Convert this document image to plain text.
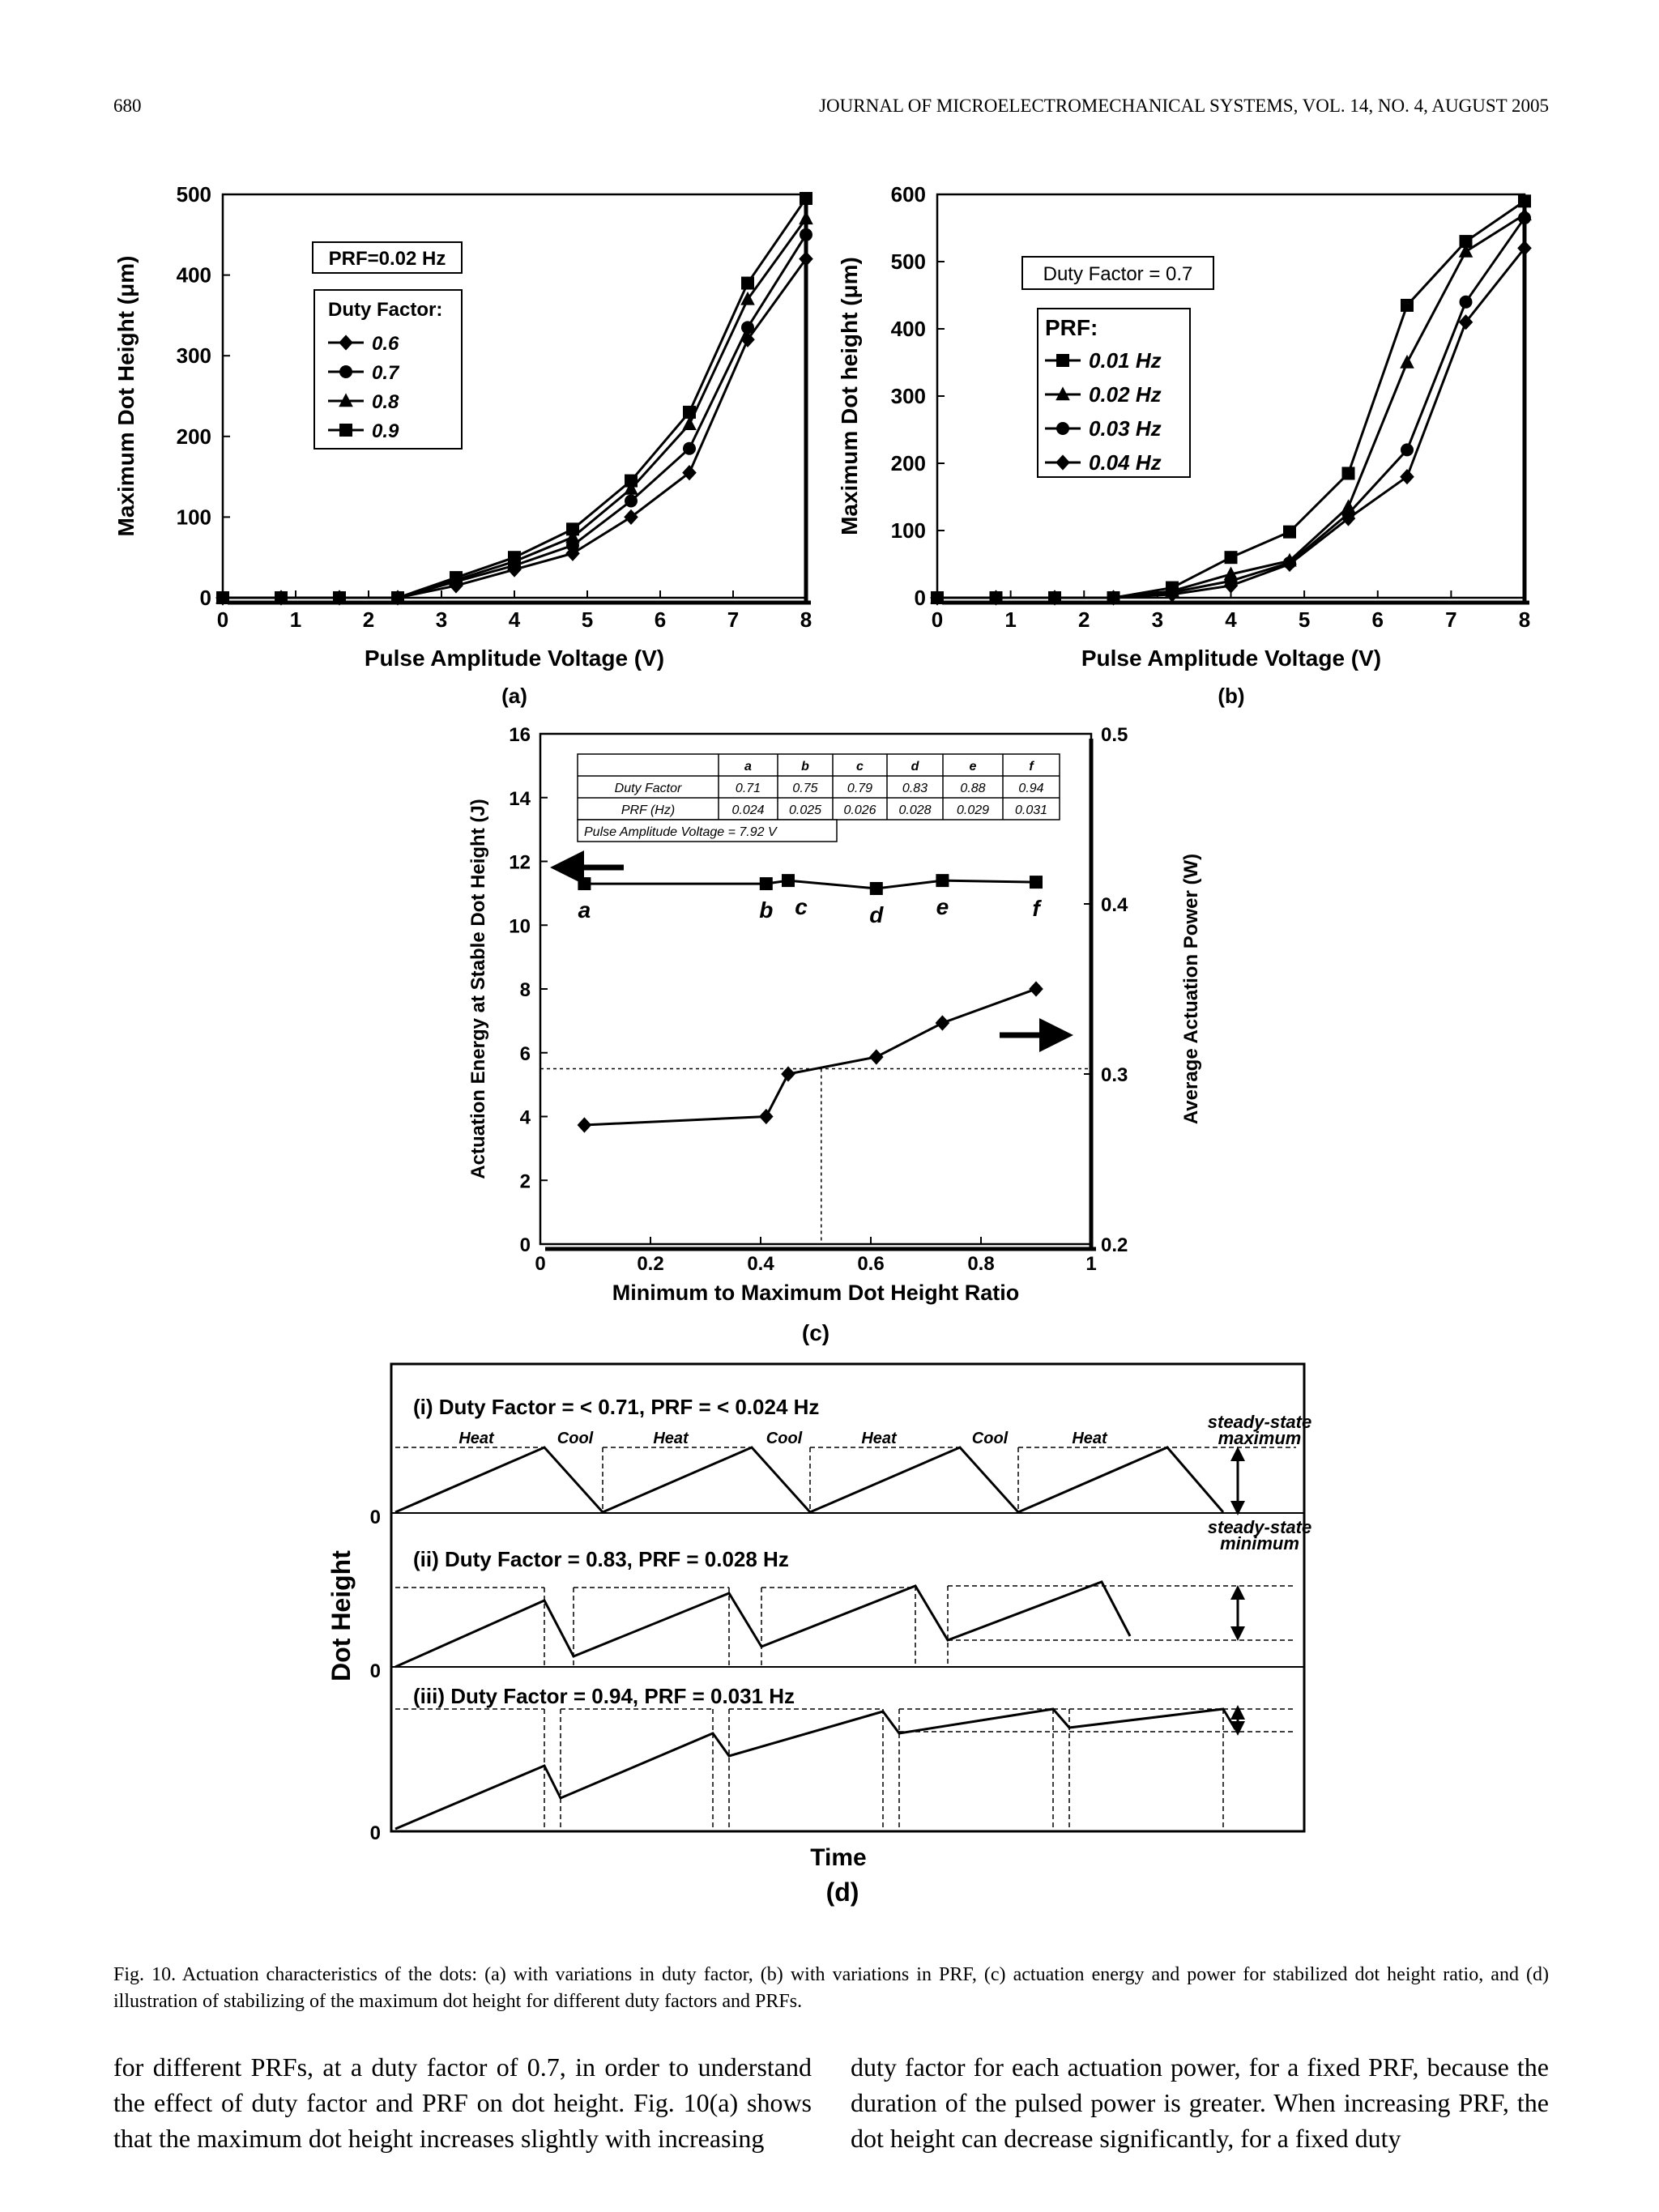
680	JOURNAL OF MICROELECTROMECHANICAL SYSTEMS, VOL. 14, NO. 4, AUGUST 2005
0	1	2	3	4	5	6	7	8
0
100
200
300
400
500
Maximum Dot Height (μm)
Pulse Amplitude Voltage (V)
(a)
PRF=0.02 Hz
Duty Factor:
0.6
0.7
0.8
0.9
0	1	2	3	4	5	6	7	8
0
100
200
300
400
500
600
Maximum Dot height (μm)
Pulse Amplitude Voltage (V)
(b)
Duty Factor = 0.7
PRF:
0.01 Hz
0.02 Hz
0.03 Hz
0.04 Hz
0	0.2	0.4	0.6	0.8	1
0
2
4
6
8
10
12
14
16
0.2
0.3
0.4
0.5
a	b c	d e	f
a	b	c	d	e	f
Duty Factor	0.71 0.75 0.79 0.83	0.88	0.94
PRF (Hz)	0.024 0.025 0.026 0.028 0.029 0.031
Pulse Amplitude Voltage = 7.92 V
Actuation Energy at Stable Dot Height (J)	Average Actuation Power (W)
Minimum to Maximum Dot Height Ratio
(c)
0
0
0
Dot Height
Time
(d)
(i) Duty Factor = < 0.71, PRF = < 0.024 Hz
(ii) Duty Factor = 0.83, PRF = 0.028 Hz
(iii) Duty Factor = 0.94, PRF = 0.031 Hz
Heat	Cool	Heat	Cool	Heat	Cool	Heat
steady-state
maximum
steady-state
minimum
Fig. 10. Actuation characteristics of the dots: (a) with variations in duty factor, (b) with variations in PRF, (c) actuation energy and power for stabilized dot height ratio, and (d) illustration of stabilizing of the maximum dot height for different duty factors and PRFs.
for different PRFs, at a duty factor of 0.7, in order to understand the effect of duty factor and PRF on dot height. Fig. 10(a) shows that the maximum dot height increases slightly with increasing
duty factor for each actuation power, for a fixed PRF, because the duration of the pulsed power is greater. When increasing PRF, the dot height can decrease significantly, for a fixed duty
